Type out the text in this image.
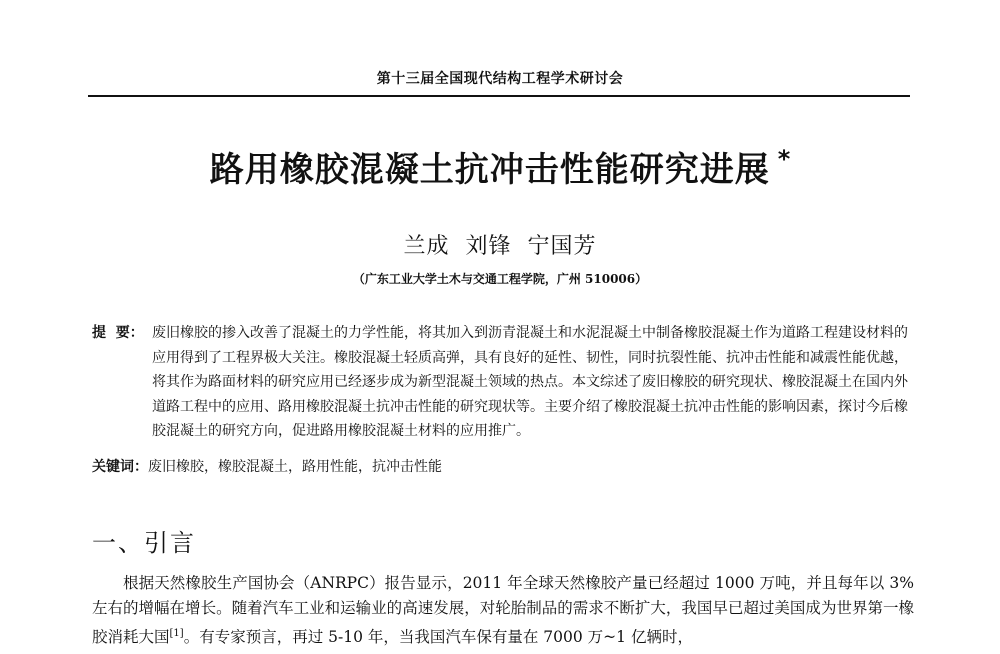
第十三届全国现代结构工程学术研讨会
路用橡胶混凝土抗冲击性能研究进展 *
兰成  刘锋  宁国芳
（广东工业大学土木与交通工程学院，广州 510006）
提  要： 废旧橡胶的掺入改善了混凝土的力学性能，将其加入到沥青混凝土和水泥混凝土中制备橡胶混凝土作为道路工程建设材料的应用得到了工程界极大关注。橡胶混凝土轻质高弹，具有良好的延性、韧性，同时抗裂性能、抗冲击性能和减震性能优越，将其作为路面材料的研究应用已经逐步成为新型混凝土领域的热点。本文综述了废旧橡胶的研究现状、橡胶混凝土在国内外道路工程中的应用、路用橡胶混凝土抗冲击性能的研究现状等。主要介绍了橡胶混凝土抗冲击性能的影响因素，探讨今后橡胶混凝土的研究方向，促进路用橡胶混凝土材料的应用推广。
关键词：废旧橡胶，橡胶混凝土，路用性能，抗冲击性能
一、引言
根据天然橡胶生产国协会（ANRPC）报告显示，2011 年全球天然橡胶产量已经超过 1000 万吨，并且每年以 3%左右的增幅在增长。随着汽车工业和运输业的高速发展，对轮胎制品的需求不断扩大，我国早已超过美国成为世界第一橡胶消耗大国[1]。有专家预言，再过 5-10 年，当我国汽车保有量在 7000 万~1 亿辆时，
